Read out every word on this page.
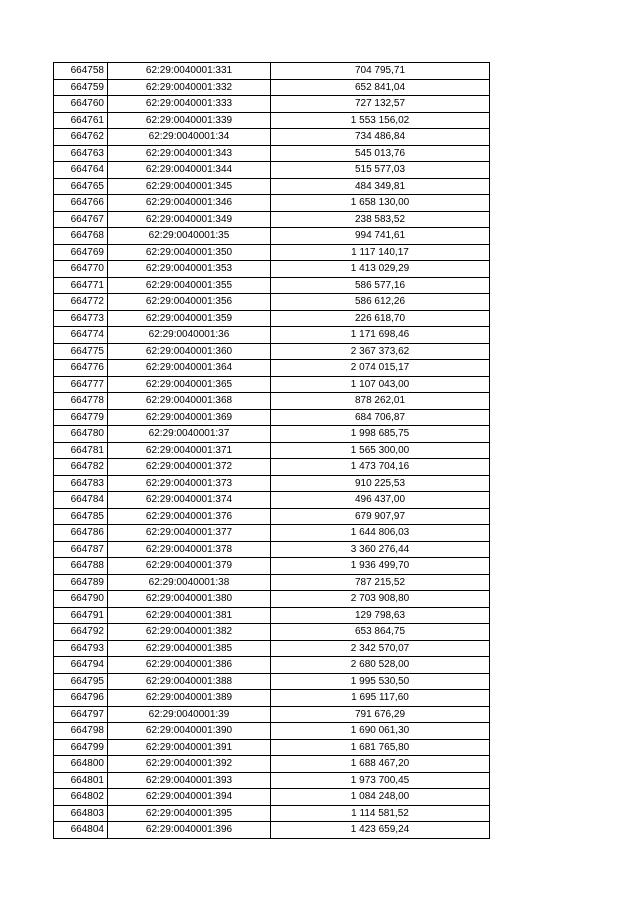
664758	62:29:0040001:331	704 795,71
664759	62:29:0040001:332	652 841,04
664760	62:29:0040001:333	727 132,57
664761	62:29:0040001:339	1 553 156,02
664762	62:29:0040001:34	734 486,84
664763	62:29:0040001:343	545 013,76
664764	62:29:0040001:344	515 577,03
664765	62:29:0040001:345	484 349,81
664766	62:29:0040001:346	1 658 130,00
664767	62:29:0040001:349	238 583,52
664768	62:29:0040001:35	994 741,61
664769	62:29:0040001:350	1 117 140,17
664770	62:29:0040001:353	1 413 029,29
664771	62:29:0040001:355	586 577,16
664772	62:29:0040001:356	586 612,26
664773	62:29:0040001:359	226 618,70
664774	62:29:0040001:36	1 171 698,46
664775	62:29:0040001:360	2 367 373,62
664776	62:29:0040001:364	2 074 015,17
664777	62:29:0040001:365	1 107 043,00
664778	62:29:0040001:368	878 262,01
664779	62:29:0040001:369	684 706,87
664780	62:29:0040001:37	1 998 685,75
664781	62:29:0040001:371	1 565 300,00
664782	62:29:0040001:372	1 473 704,16
664783	62:29:0040001:373	910 225,53
664784	62:29:0040001:374	496 437,00
664785	62:29:0040001:376	679 907,97
664786	62:29:0040001:377	1 644 806,03
664787	62:29:0040001:378	3 360 276,44
664788	62:29:0040001:379	1 936 499,70
664789	62:29:0040001:38	787 215,52
664790	62:29:0040001:380	2 703 908,80
664791	62:29:0040001:381	129 798,63
664792	62:29:0040001:382	653 864,75
664793	62:29:0040001:385	2 342 570,07
664794	62:29:0040001:386	2 680 528,00
664795	62:29:0040001:388	1 995 530,50
664796	62:29:0040001:389	1 695 117,60
664797	62:29:0040001:39	791 676,29
664798	62:29:0040001:390	1 690 061,30
664799	62:29:0040001:391	1 681 765,80
664800	62:29:0040001:392	1 688 467,20
664801	62:29:0040001:393	1 973 700,45
664802	62:29:0040001:394	1 084 248,00
664803	62:29:0040001:395	1 114 581,52
664804	62:29:0040001:396	1 423 659,24
